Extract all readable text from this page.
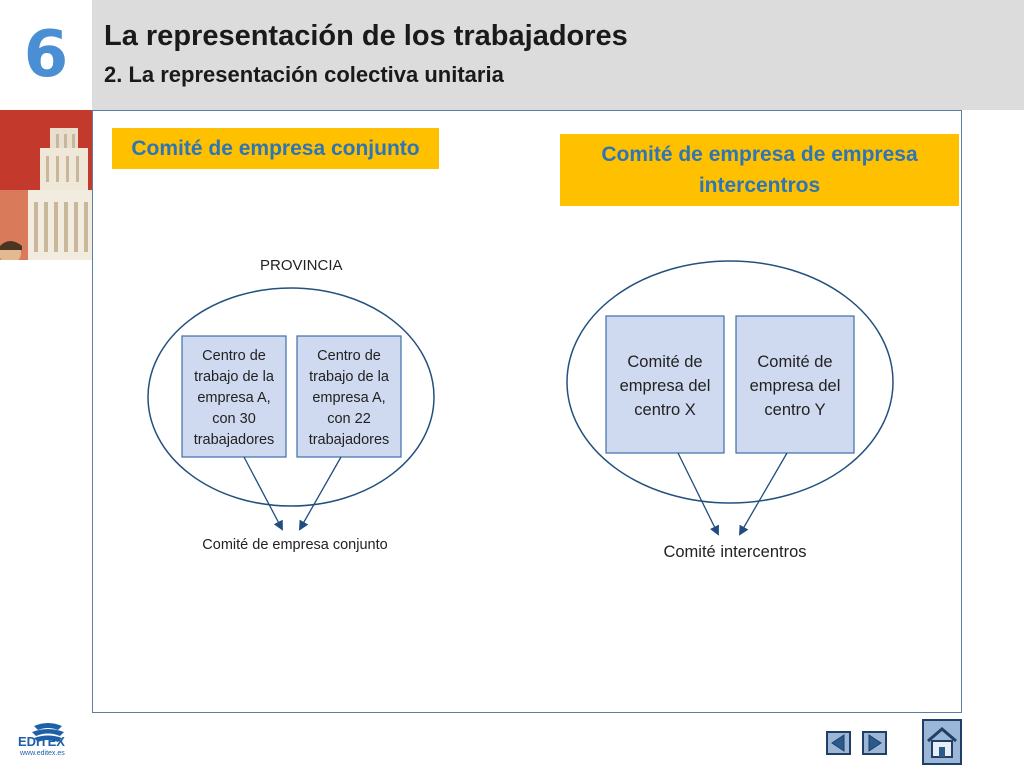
6	La representación de los trabajadores
2. La representación colectiva unitaria
Comité de empresa conjunto	Comité de empresa de empresa intercentros
PROVINCIA
Centro de trabajo de la empresa A, con 30 trabajadores
Centro de trabajo de la empresa A, con 22 trabajadores
Comité de empresa conjunto
Comité de empresa del centro X
Comité de empresa del centro Y
Comité intercentros
EDITEX
www.editex.es
